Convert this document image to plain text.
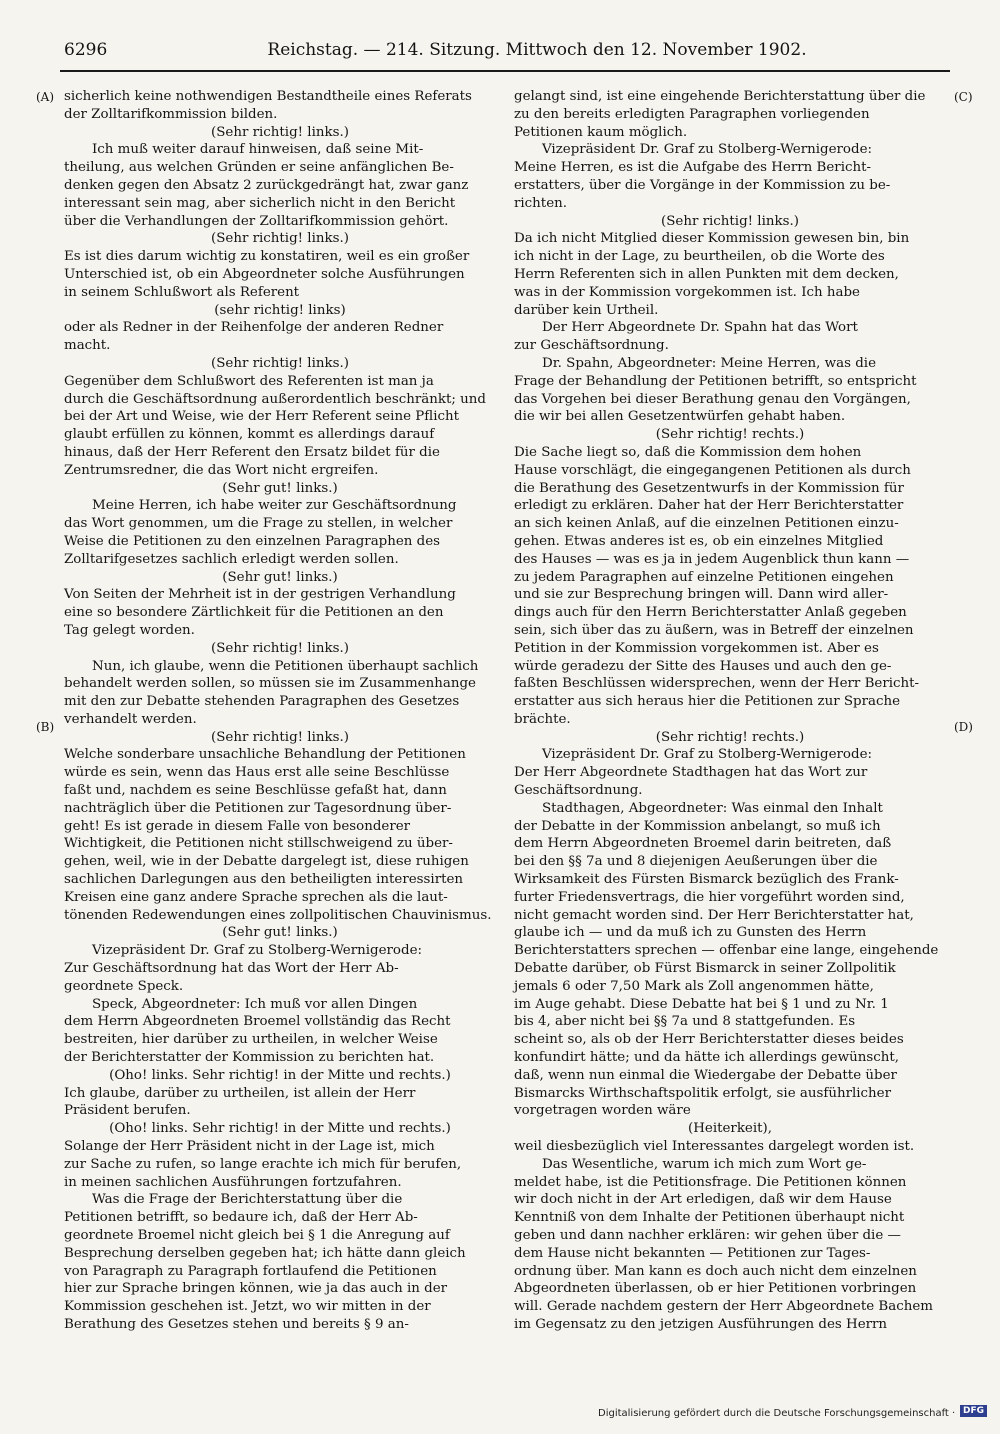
6296	Reichstag. — 214. Sitzung. Mittwoch den 12. November 1902.
(A)
(B)
(C)
(D)
sicherlich keine nothwendigen Bestandtheile eines Referats
der Zolltarifkommission bilden.
(Sehr richtig! links.)
Ich muß weiter darauf hinweisen, daß seine Mit-
theilung, aus welchen Gründen er seine anfänglichen Be-
denken gegen den Absatz 2 zurückgedrängt hat, zwar ganz
interessant sein mag, aber sicherlich nicht in den Bericht
über die Verhandlungen der Zolltarifkommission gehört.
(Sehr richtig! links.)
Es ist dies darum wichtig zu konstatiren, weil es ein großer
Unterschied ist, ob ein Abgeordneter solche Ausführungen
in seinem Schlußwort als Referent
(sehr richtig! links)
oder als Redner in der Reihenfolge der anderen Redner
macht.
(Sehr richtig! links.)
Gegenüber dem Schlußwort des Referenten ist man ja
durch die Geschäftsordnung außerordentlich beschränkt; und
bei der Art und Weise, wie der Herr Referent seine Pflicht
glaubt erfüllen zu können, kommt es allerdings darauf
hinaus, daß der Herr Referent den Ersatz bildet für die
Zentrumsredner, die das Wort nicht ergreifen.
(Sehr gut! links.)
Meine Herren, ich habe weiter zur Geschäftsordnung
das Wort genommen, um die Frage zu stellen, in welcher
Weise die Petitionen zu den einzelnen Paragraphen des
Zolltarifgesetzes sachlich erledigt werden sollen.
(Sehr gut! links.)
Von Seiten der Mehrheit ist in der gestrigen Verhandlung
eine so besondere Zärtlichkeit für die Petitionen an den
Tag gelegt worden.
(Sehr richtig! links.)
Nun, ich glaube, wenn die Petitionen überhaupt sachlich
behandelt werden sollen, so müssen sie im Zusammenhange
mit den zur Debatte stehenden Paragraphen des Gesetzes
verhandelt werden.
(Sehr richtig! links.)
Welche sonderbare unsachliche Behandlung der Petitionen
würde es sein, wenn das Haus erst alle seine Beschlüsse
faßt und, nachdem es seine Beschlüsse gefaßt hat, dann
nachträglich über die Petitionen zur Tagesordnung über-
geht! Es ist gerade in diesem Falle von besonderer
Wichtigkeit, die Petitionen nicht stillschweigend zu über-
gehen, weil, wie in der Debatte dargelegt ist, diese ruhigen
sachlichen Darlegungen aus den betheiligten interessirten
Kreisen eine ganz andere Sprache sprechen als die laut-
tönenden Redewendungen eines zollpolitischen Chauvinismus.
(Sehr gut! links.)
Vizepräsident Dr. Graf zu Stolberg-Wernigerode:
Zur Geschäftsordnung hat das Wort der Herr Ab-
geordnete Speck.
Speck, Abgeordneter: Ich muß vor allen Dingen
dem Herrn Abgeordneten Broemel vollständig das Recht
bestreiten, hier darüber zu urtheilen, in welcher Weise
der Berichterstatter der Kommission zu berichten hat.
(Oho! links. Sehr richtig! in der Mitte und rechts.)
Ich glaube, darüber zu urtheilen, ist allein der Herr
Präsident berufen.
(Oho! links. Sehr richtig! in der Mitte und rechts.)
Solange der Herr Präsident nicht in der Lage ist, mich
zur Sache zu rufen, so lange erachte ich mich für berufen,
in meinen sachlichen Ausführungen fortzufahren.
Was die Frage der Berichterstattung über die
Petitionen betrifft, so bedaure ich, daß der Herr Ab-
geordnete Broemel nicht gleich bei § 1 die Anregung auf
Besprechung derselben gegeben hat; ich hätte dann gleich
von Paragraph zu Paragraph fortlaufend die Petitionen
hier zur Sprache bringen können, wie ja das auch in der
Kommission geschehen ist. Jetzt, wo wir mitten in der
Berathung des Gesetzes stehen und bereits § 9 an-
gelangt sind, ist eine eingehende Berichterstattung über die
zu den bereits erledigten Paragraphen vorliegenden
Petitionen kaum möglich.
Vizepräsident Dr. Graf zu Stolberg-Wernigerode:
Meine Herren, es ist die Aufgabe des Herrn Bericht-
erstatters, über die Vorgänge in der Kommission zu be-
richten.
(Sehr richtig! links.)
Da ich nicht Mitglied dieser Kommission gewesen bin, bin
ich nicht in der Lage, zu beurtheilen, ob die Worte des
Herrn Referenten sich in allen Punkten mit dem decken,
was in der Kommission vorgekommen ist. Ich habe
darüber kein Urtheil.
Der Herr Abgeordnete Dr. Spahn hat das Wort
zur Geschäftsordnung.
Dr. Spahn, Abgeordneter: Meine Herren, was die
Frage der Behandlung der Petitionen betrifft, so entspricht
das Vorgehen bei dieser Berathung genau den Vorgängen,
die wir bei allen Gesetzentwürfen gehabt haben.
(Sehr richtig! rechts.)
Die Sache liegt so, daß die Kommission dem hohen
Hause vorschlägt, die eingegangenen Petitionen als durch
die Berathung des Gesetzentwurfs in der Kommission für
erledigt zu erklären. Daher hat der Herr Berichterstatter
an sich keinen Anlaß, auf die einzelnen Petitionen einzu-
gehen. Etwas anderes ist es, ob ein einzelnes Mitglied
des Hauses — was es ja in jedem Augenblick thun kann —
zu jedem Paragraphen auf einzelne Petitionen eingehen
und sie zur Besprechung bringen will. Dann wird aller-
dings auch für den Herrn Berichterstatter Anlaß gegeben
sein, sich über das zu äußern, was in Betreff der einzelnen
Petition in der Kommission vorgekommen ist. Aber es
würde geradezu der Sitte des Hauses und auch den ge-
faßten Beschlüssen widersprechen, wenn der Herr Bericht-
erstatter aus sich heraus hier die Petitionen zur Sprache
brächte.
(Sehr richtig! rechts.)
Vizepräsident Dr. Graf zu Stolberg-Wernigerode:
Der Herr Abgeordnete Stadthagen hat das Wort zur
Geschäftsordnung.
Stadthagen, Abgeordneter: Was einmal den Inhalt
der Debatte in der Kommission anbelangt, so muß ich
dem Herrn Abgeordneten Broemel darin beitreten, daß
bei den §§ 7a und 8 diejenigen Aeußerungen über die
Wirksamkeit des Fürsten Bismarck bezüglich des Frank-
furter Friedensvertrags, die hier vorgeführt worden sind,
nicht gemacht worden sind. Der Herr Berichterstatter hat,
glaube ich — und da muß ich zu Gunsten des Herrn
Berichterstatters sprechen — offenbar eine lange, eingehende
Debatte darüber, ob Fürst Bismarck in seiner Zollpolitik
jemals 6 oder 7,50 Mark als Zoll angenommen hätte,
im Auge gehabt. Diese Debatte hat bei § 1 und zu Nr. 1
bis 4, aber nicht bei §§ 7a und 8 stattgefunden. Es
scheint so, als ob der Herr Berichterstatter dieses beides
konfundirt hätte; und da hätte ich allerdings gewünscht,
daß, wenn nun einmal die Wiedergabe der Debatte über
Bismarcks Wirthschaftspolitik erfolgt, sie ausführlicher
vorgetragen worden wäre
(Heiterkeit),
weil diesbezüglich viel Interessantes dargelegt worden ist.
Das Wesentliche, warum ich mich zum Wort ge-
meldet habe, ist die Petitionsfrage. Die Petitionen können
wir doch nicht in der Art erledigen, daß wir dem Hause
Kenntniß von dem Inhalte der Petitionen überhaupt nicht
geben und dann nachher erklären: wir gehen über die —
dem Hause nicht bekannten — Petitionen zur Tages-
ordnung über. Man kann es doch auch nicht dem einzelnen
Abgeordneten überlassen, ob er hier Petitionen vorbringen
will. Gerade nachdem gestern der Herr Abgeordnete Bachem
im Gegensatz zu den jetzigen Ausführungen des Herrn
Digitalisierung gefördert durch die Deutsche Forschungsgemeinschaft · DFG
